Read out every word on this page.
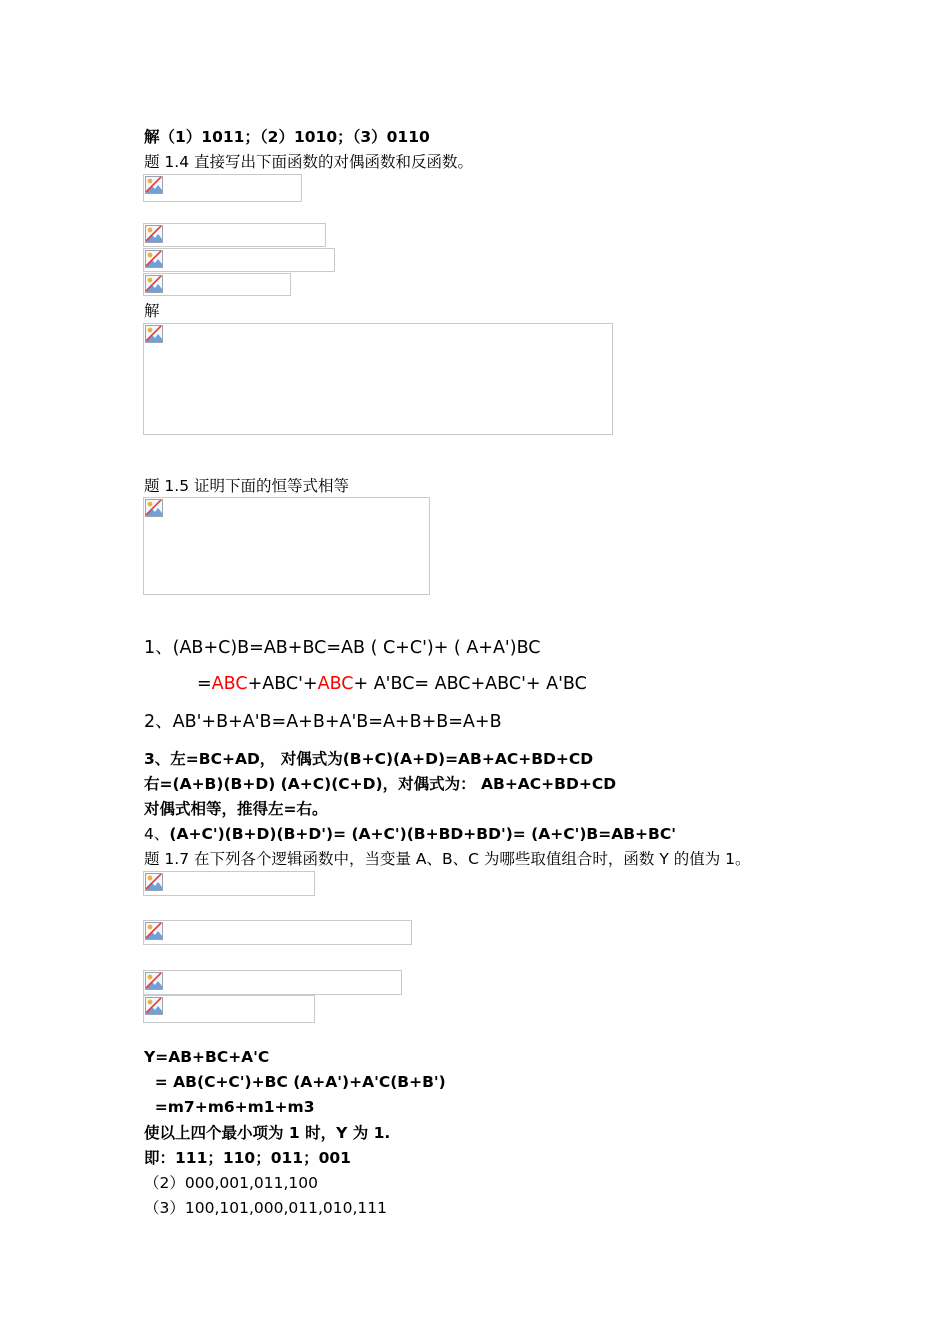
解（1）1011；（2）1010；（3）0110
题 1.4 直接写出下面函数的对偶函数和反函数。
解
题 1.5 证明下面的恒等式相等
1、(AB+C)B=AB+BC=AB ( C+C')+ ( A+A')BC
=ABC+ABC'+ABC+ A'BC= ABC+ABC'+ A'BC
2、AB'+B+A'B=A+B+A'B=A+B+B=A+B
3、左=BC+AD， 对偶式为(B+C)(A+D)=AB+AC+BD+CD
右=(A+B)(B+D) (A+C)(C+D)，对偶式为： AB+AC+BD+CD
对偶式相等，推得左=右。
4、(A+C')(B+D)(B+D')= (A+C')(B+BD+BD')= (A+C')B=AB+BC'
题 1.7 在下列各个逻辑函数中，当变量 A、B、C 为哪些取值组合时，函数 Y 的值为 1。
Y=AB+BC+A'C
= AB(C+C')+BC (A+A')+A'C(B+B')
=m7+m6+m1+m3
使以上四个最小项为 1 时，Y 为 1.
即：111；110；011；001
（2）000,001,011,100
（3）100,101,000,011,010,111
